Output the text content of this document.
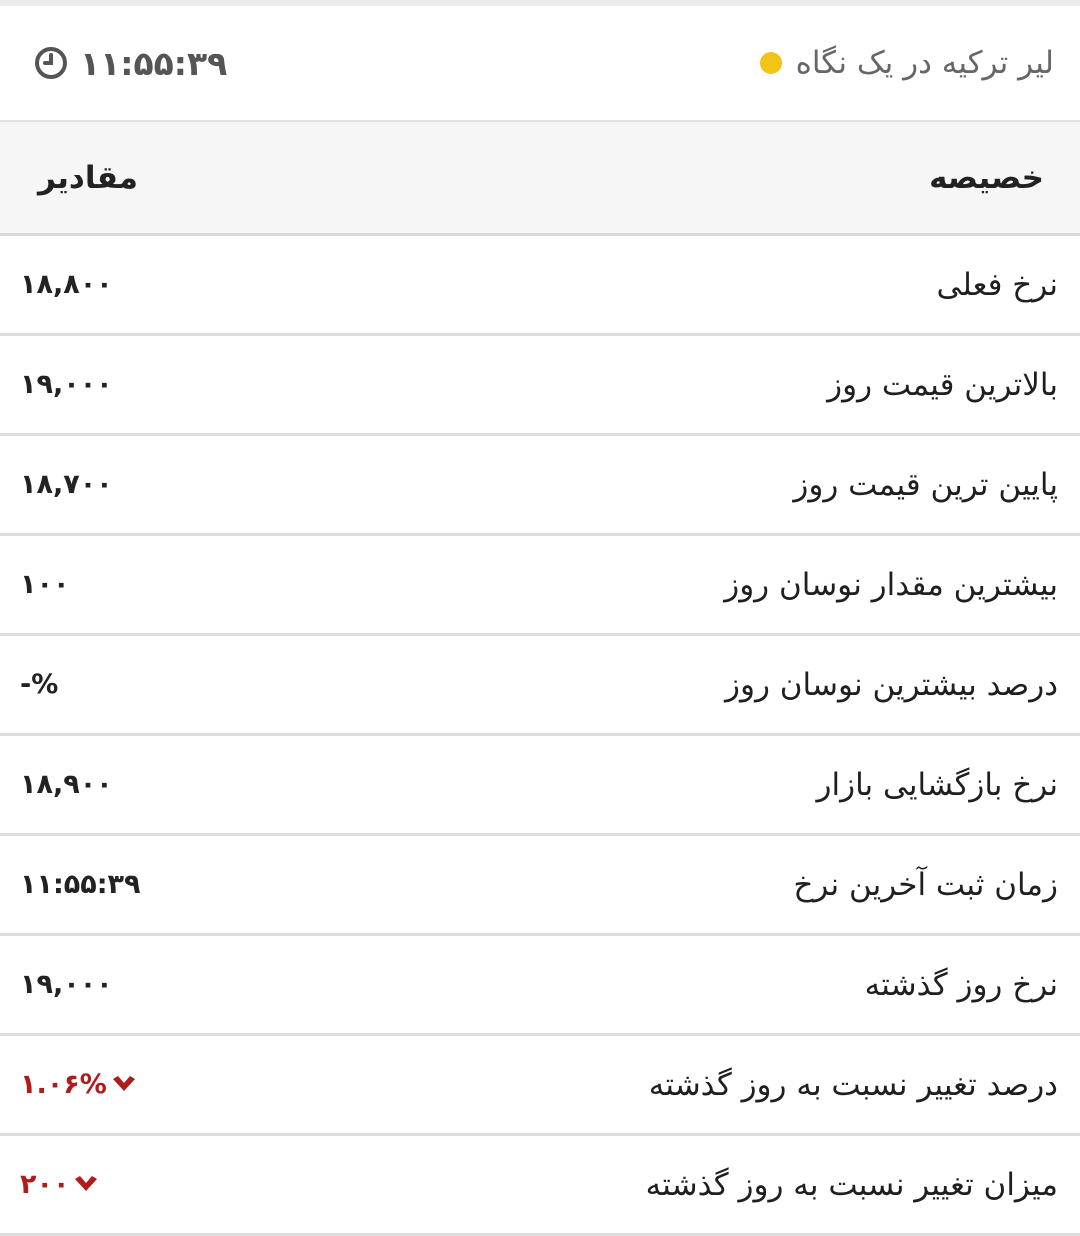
۱۱:۵۵:۳۹	لیر ترکیه در یک نگاه
مقادیر	خصیصه
۱۸,۸۰۰	نرخ فعلی
۱۹,۰۰۰	بالاترین قیمت روز
۱۸,۷۰۰	پایین ترین قیمت روز
۱۰۰	بیشترین مقدار نوسان روز
-%	درصد بیشترین نوسان روز
۱۸,۹۰۰	نرخ بازگشایی بازار
۱۱:۵۵:۳۹	زمان ثبت آخرین نرخ
۱۹,۰۰۰	نرخ روز گذشته
۱.۰۶%	درصد تغییر نسبت به روز گذشته
۲۰۰	میزان تغییر نسبت به روز گذشته
